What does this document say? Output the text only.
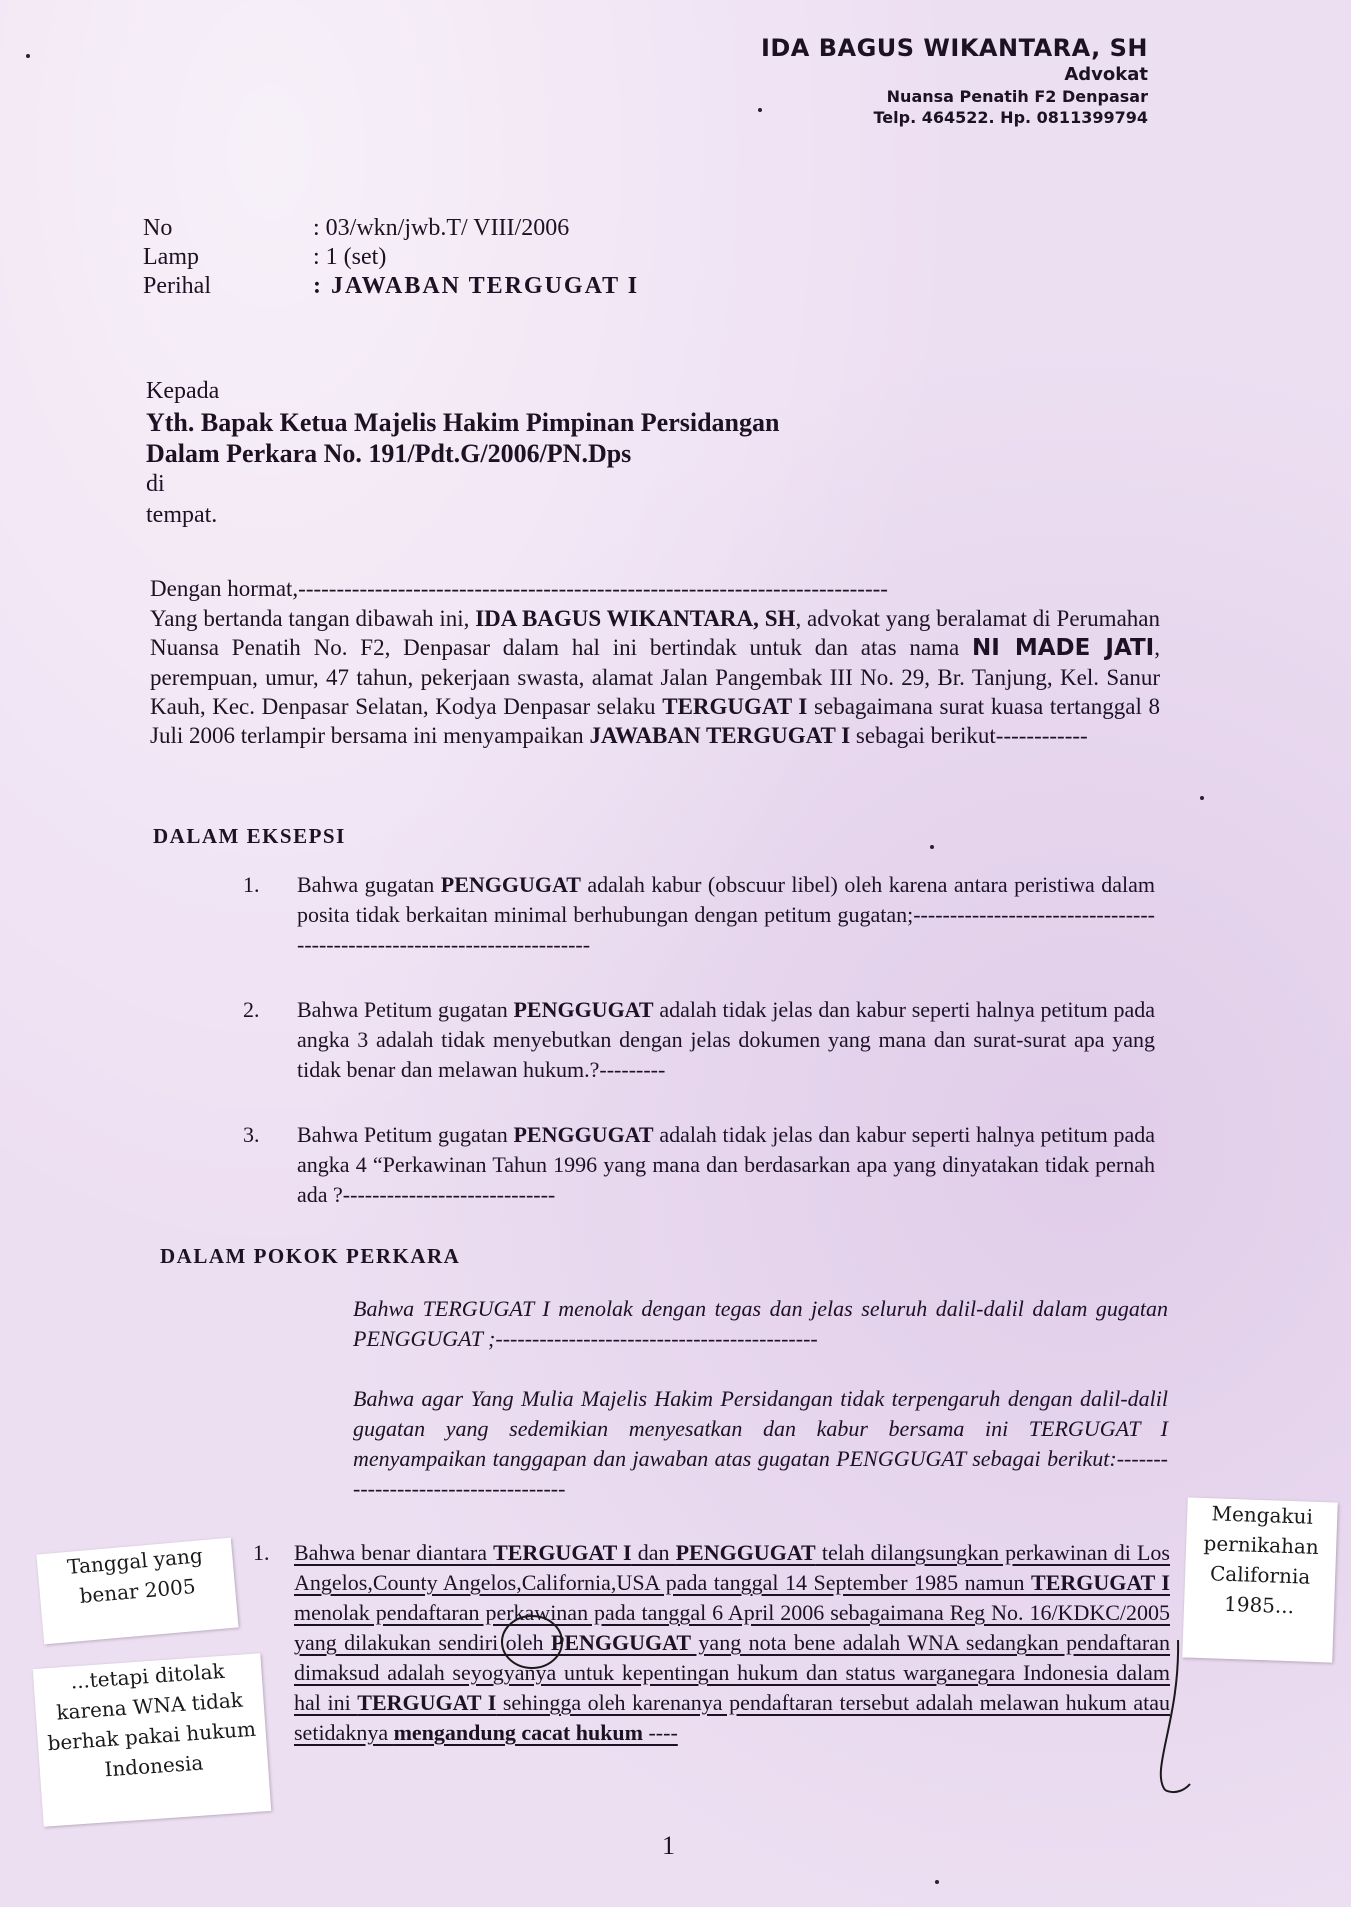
IDA BAGUS WIKANTARA, SH
Advokat
Nuansa Penatih F2 Denpasar
Telp. 464522. Hp. 0811399794
No	: 03/wkn/jwb.T/ VIII/2006
Lamp	: 1 (set)
Perihal	: JAWABAN TERGUGAT I
Kepada
Yth. Bapak Ketua Majelis Hakim Pimpinan Persidangan
Dalam Perkara No. 191/Pdt.G/2006/PN.Dps
di
tempat.
Dengan hormat,-----------------------------------------------------------------------------
Yang bertanda tangan dibawah ini, IDA BAGUS WIKANTARA, SH, advokat yang beralamat di Perumahan Nuansa Penatih No. F2, Denpasar dalam hal ini bertindak untuk dan atas nama NI MADE JATI, perempuan, umur, 47 tahun, pekerjaan swasta, alamat Jalan Pangembak III No. 29, Br. Tanjung, Kel. Sanur Kauh, Kec. Denpasar Selatan, Kodya Denpasar selaku TERGUGAT I sebagaimana surat kuasa tertanggal 8 Juli 2006 terlampir bersama ini menyampaikan JAWABAN TERGUGAT I sebagai berikut------------
DALAM EKSEPSI
1. Bahwa gugatan PENGGUGAT adalah kabur (obscuur libel) oleh karena antara peristiwa dalam posita tidak berkaitan minimal berhubungan dengan petitum gugatan;-------------------------------------------------------------------------
2. Bahwa Petitum gugatan PENGGUGAT adalah tidak jelas dan kabur seperti halnya petitum pada angka 3 adalah tidak menyebutkan dengan jelas dokumen yang mana dan surat-surat apa yang tidak benar dan melawan hukum.?---------
3. Bahwa Petitum gugatan PENGGUGAT adalah tidak jelas dan kabur seperti halnya petitum pada angka 4 “Perkawinan Tahun 1996 yang mana dan berdasarkan apa yang dinyatakan tidak pernah ada ?-----------------------------
DALAM POKOK PERKARA
Bahwa TERGUGAT I menolak dengan tegas dan jelas seluruh dalil-dalil dalam gugatan PENGGUGAT ;--------------------------------------------
Bahwa agar Yang Mulia Majelis Hakim Persidangan tidak terpengaruh dengan dalil-dalil gugatan yang sedemikian menyesatkan dan kabur bersama ini TERGUGAT I menyampaikan tanggapan dan jawaban atas gugatan PENGGUGAT sebagai berikut:------------------------------------
1. Bahwa benar diantara TERGUGAT I dan PENGGUGAT telah dilangsungkan perkawinan di Los Angelos,County Angelos,California,USA pada tanggal 14 September 1985 namun TERGUGAT I menolak pendaftaran perkawinan pada tanggal 6 April 2006 sebagaimana Reg No. 16/KDKC/2005 yang dilakukan sendiri oleh PENGGUGAT yang nota bene adalah WNA sedangkan pendaftaran dimaksud adalah seyogyanya untuk kepentingan hukum dan status warganegara Indonesia dalam hal ini TERGUGAT I sehingga oleh karenanya pendaftaran tersebut adalah melawan hukum atau setidaknya mengandung cacat hukum ----
Tanggal yang benar 2005
...tetapi ditolak karena WNA tidak berhak pakai hukum Indonesia
Mengakui pernikahan California 1985...
1
